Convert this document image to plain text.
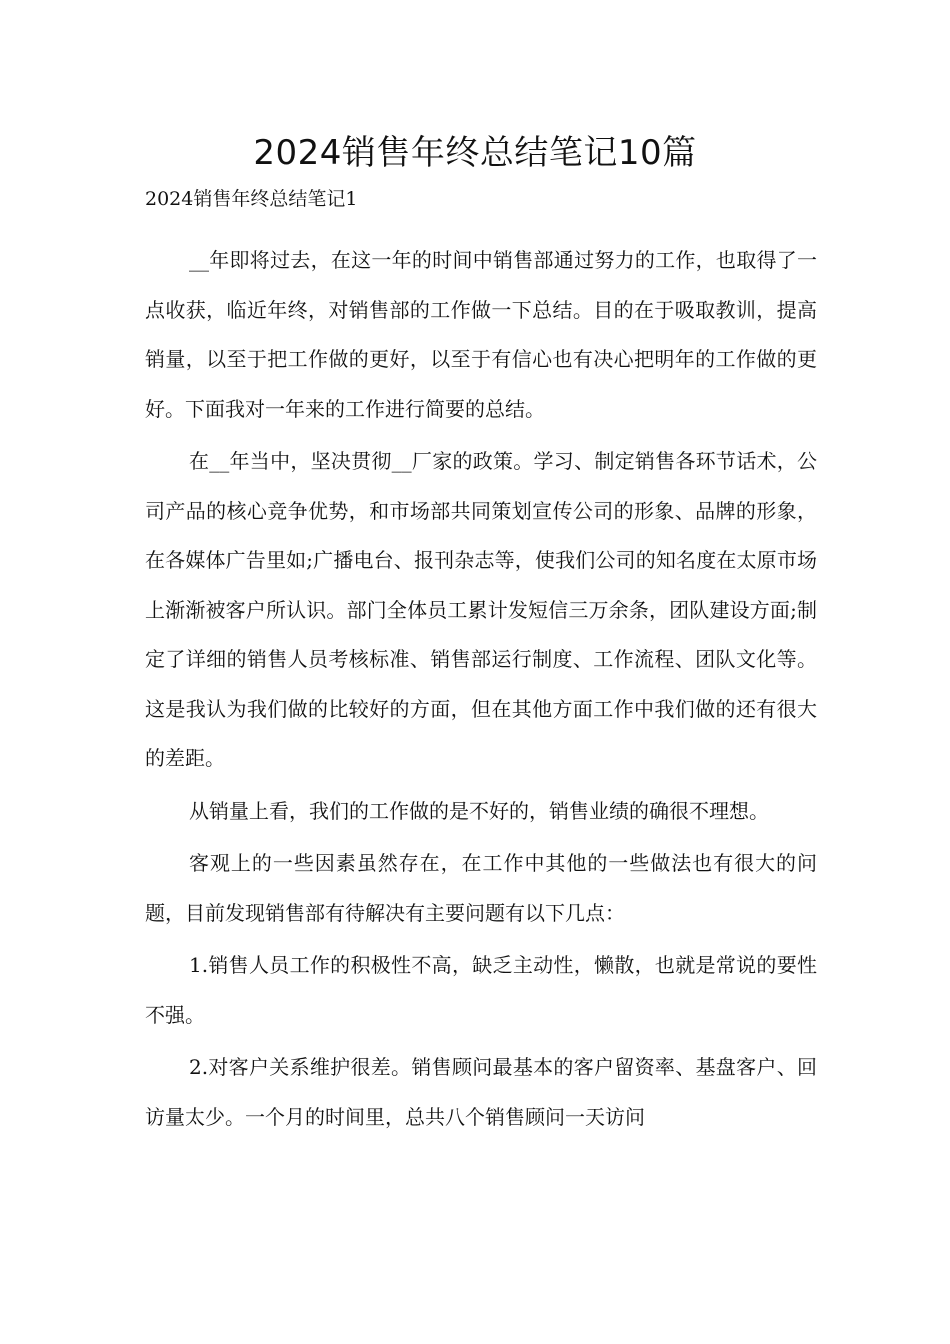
2024销售年终总结笔记10篇

2024销售年终总结笔记1

__年即将过去，在这一年的时间中销售部通过努力的工作，也取得了一点收获，临近年终，对销售部的工作做一下总结。目的在于吸取教训，提高销量，以至于把工作做的更好，以至于有信心也有决心把明年的工作做的更好。下面我对一年来的工作进行简要的总结。

在__年当中，坚决贯彻__厂家的政策。学习、制定销售各环节话术，公司产品的核心竞争优势，和市场部共同策划宣传公司的形象、品牌的形象，在各媒体广告里如;广播电台、报刊杂志等，使我们公司的知名度在太原市场上渐渐被客户所认识。部门全体员工累计发短信三万余条，团队建设方面;制定了详细的销售人员考核标准、销售部运行制度、工作流程、团队文化等。这是我认为我们做的比较好的方面，但在其他方面工作中我们做的还有很大的差距。

从销量上看，我们的工作做的是不好的，销售业绩的确很不理想。

客观上的一些因素虽然存在，在工作中其他的一些做法也有很大的问题，目前发现销售部有待解决有主要问题有以下几点：

1.销售人员工作的积极性不高，缺乏主动性，懒散，也就是常说的要性不强。

2.对客户关系维护很差。销售顾问最基本的客户留资率、基盘客户、回访量太少。一个月的时间里，总共八个销售顾问一天访问
